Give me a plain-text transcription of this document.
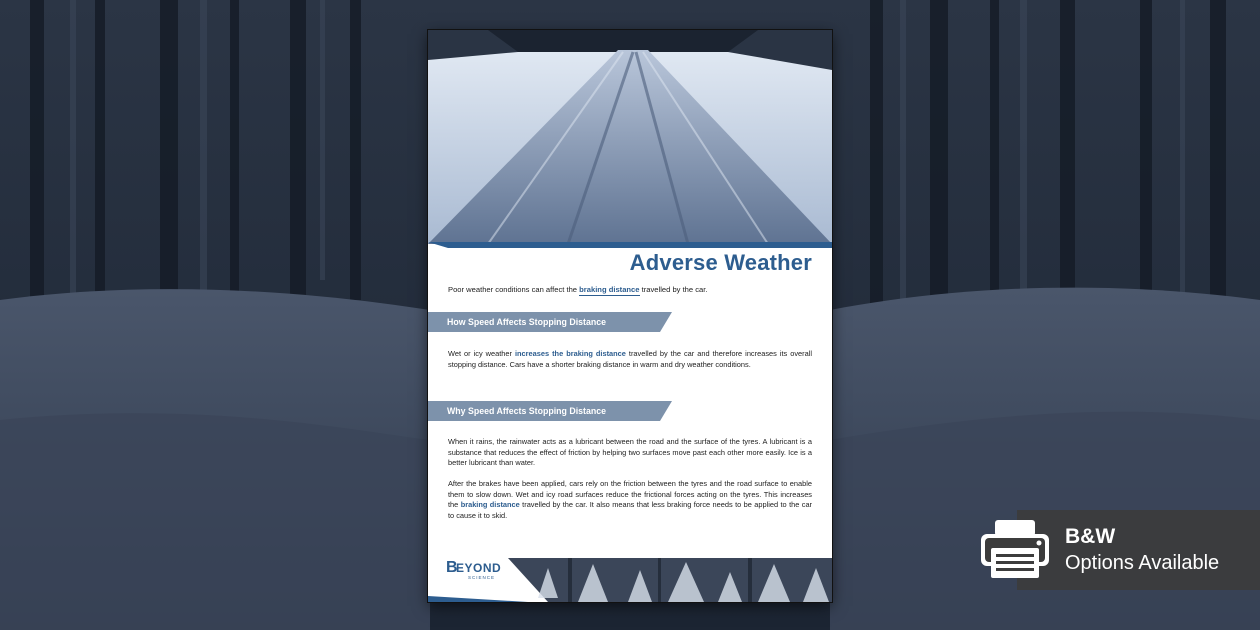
Adverse Weather
Poor weather conditions can affect the braking distance travelled by the car.
How Speed Affects Stopping Distance
Wet or icy weather increases the braking distance travelled by the car and therefore increases its overall stopping distance. Cars have a shorter braking distance in warm and dry weather conditions.
Why Speed Affects Stopping Distance
When it rains, the rainwater acts as a lubricant between the road and the surface of the tyres. A lubricant is a substance that reduces the effect of friction by helping two surfaces move past each other more easily. Ice is a better lubricant than water.
After the brakes have been applied, cars rely on the friction between the tyres and the road surface to enable them to slow down. Wet and icy road surfaces reduce the frictional forces acting on the tyres. This increases the braking distance travelled by the car. It also means that less braking force needs to be applied to the car to cause it to skid.
B
EYOND
SCIENCE
B&W
Options Available
